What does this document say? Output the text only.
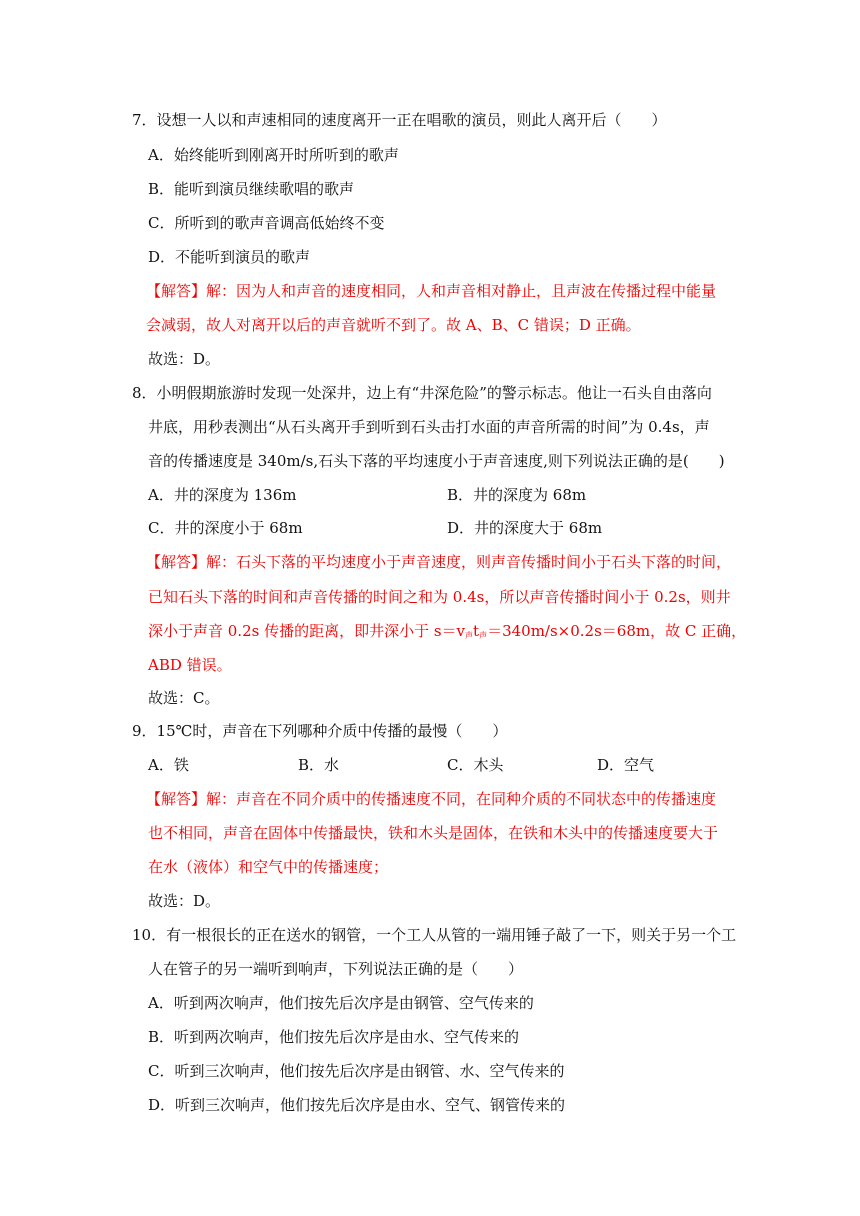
7．设想一人以和声速相同的速度离开一正在唱歌的演员，则此人离开后（　　）
A．始终能听到刚离开时所听到的歌声
B．能听到演员继续歌唱的歌声
C．所听到的歌声音调高低始终不变
D．不能听到演员的歌声
【解答】解：因为人和声音的速度相同，人和声音相对静止，且声波在传播过程中能量
会减弱，故人对离开以后的声音就听不到了。故 A、B、C 错误；D 正确。
故选：D。
8．小明假期旅游时发现一处深井，边上有“井深危险”的警示标志。他让一石头自由落向
井底，用秒表测出“从石头离开手到听到石头击打水面的声音所需的时间”为 0.4s，声
音的传播速度是 340m/s,石头下落的平均速度小于声音速度,则下列说法正确的是(　　)
A．井的深度为 136m	B．井的深度为 68m
C．井的深度小于 68m	D．井的深度大于 68m
【解答】解：石头下落的平均速度小于声音速度，则声音传播时间小于石头下落的时间，
已知石头下落的时间和声音传播的时间之和为 0.4s，所以声音传播时间小于 0.2s，则井
深小于声音 0.2s 传播的距离，即井深小于 $s=v_声t_声=340m/s\times 0.2s=68m$，故 C 正确，
ABD 错误。
故选：C。
9．15℃时，声音在下列哪种介质中传播的最慢（　　）
A．铁	B．水	C．木头	D．空气
【解答】解：声音在不同介质中的传播速度不同，在同种介质的不同状态中的传播速度
也不相同，声音在固体中传播最快，铁和木头是固体，在铁和木头中的传播速度要大于
在水（液体）和空气中的传播速度；
故选：D。
10．有一根很长的正在送水的钢管，一个工人从管的一端用锤子敲了一下，则关于另一个工
人在管子的另一端听到响声，下列说法正确的是（　　）
A．听到两次响声，他们按先后次序是由钢管、空气传来的
B．听到两次响声，他们按先后次序是由水、空气传来的
C．听到三次响声，他们按先后次序是由钢管、水、空气传来的
D．听到三次响声，他们按先后次序是由水、空气、钢管传来的
